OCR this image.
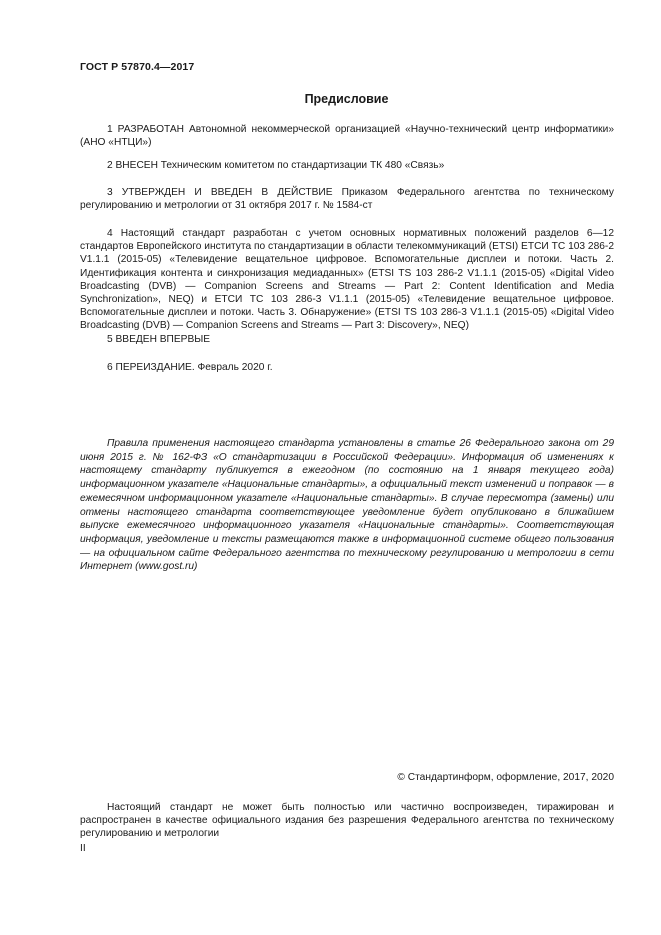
ГОСТ Р 57870.4—2017
Предисловие

1 РАЗРАБОТАН Автономной некоммерческой организацией «Научно-технический центр информатики» (АНО «НТЦИ»)

2 ВНЕСЕН Техническим комитетом по стандартизации ТК 480 «Связь»

3 УТВЕРЖДЕН И ВВЕДЕН В ДЕЙСТВИЕ Приказом Федерального агентства по техническому регулированию и метрологии от 31 октября 2017 г. № 1584-ст

4 Настоящий стандарт разработан с учетом основных нормативных положений разделов 6—12 стандартов Европейского института по стандартизации в области телекоммуникаций (ETSI) ЕТСИ ТС 103 286-2 V1.1.1 (2015-05) «Телевидение вещательное цифровое. Вспомогательные дисплеи и потоки. Часть 2. Идентификация контента и синхронизация медиаданных» (ETSI TS 103 286-2 V1.1.1 (2015-05) «Digital Video Broadcasting (DVB) — Companion Screens and Streams — Part 2: Content Identification and Media Synchronization», NEQ) и ЕТСИ ТС 103 286-3 V1.1.1 (2015-05) «Телевидение вещательное цифровое. Вспомогательные дисплеи и потоки. Часть 3. Обнаружение» (ETSI TS 103 286-3 V1.1.1 (2015-05) «Digital Video Broadcasting (DVB) — Companion Screens and Streams — Part 3: Discovery», NEQ)

5 ВВЕДЕН ВПЕРВЫЕ

6 ПЕРЕИЗДАНИЕ. Февраль 2020 г.

Правила применения настоящего стандарта установлены в статье 26 Федерального закона от 29 июня 2015 г. № 162-ФЗ «О стандартизации в Российской Федерации». Информация об изменениях к настоящему стандарту публикуется в ежегодном (по состоянию на 1 января текущего года) информационном указателе «Национальные стандарты», а официальный текст изменений и поправок — в ежемесячном информационном указателе «Национальные стандарты». В случае пересмотра (замены) или отмены настоящего стандарта соответствующее уведомление будет опубликовано в ближайшем выпуске ежемесячного информационного указателя «Национальные стандарты». Соответствующая информация, уведомление и тексты размещаются также в информационной системе общего пользования — на официальном сайте Федерального агентства по техническому регулированию и метрологии в сети Интернет (www.gost.ru)

© Стандартинформ, оформление, 2017, 2020

Настоящий стандарт не может быть полностью или частично воспроизведен, тиражирован и распространен в качестве официального издания без разрешения Федерального агентства по техническому регулированию и метрологии

II
